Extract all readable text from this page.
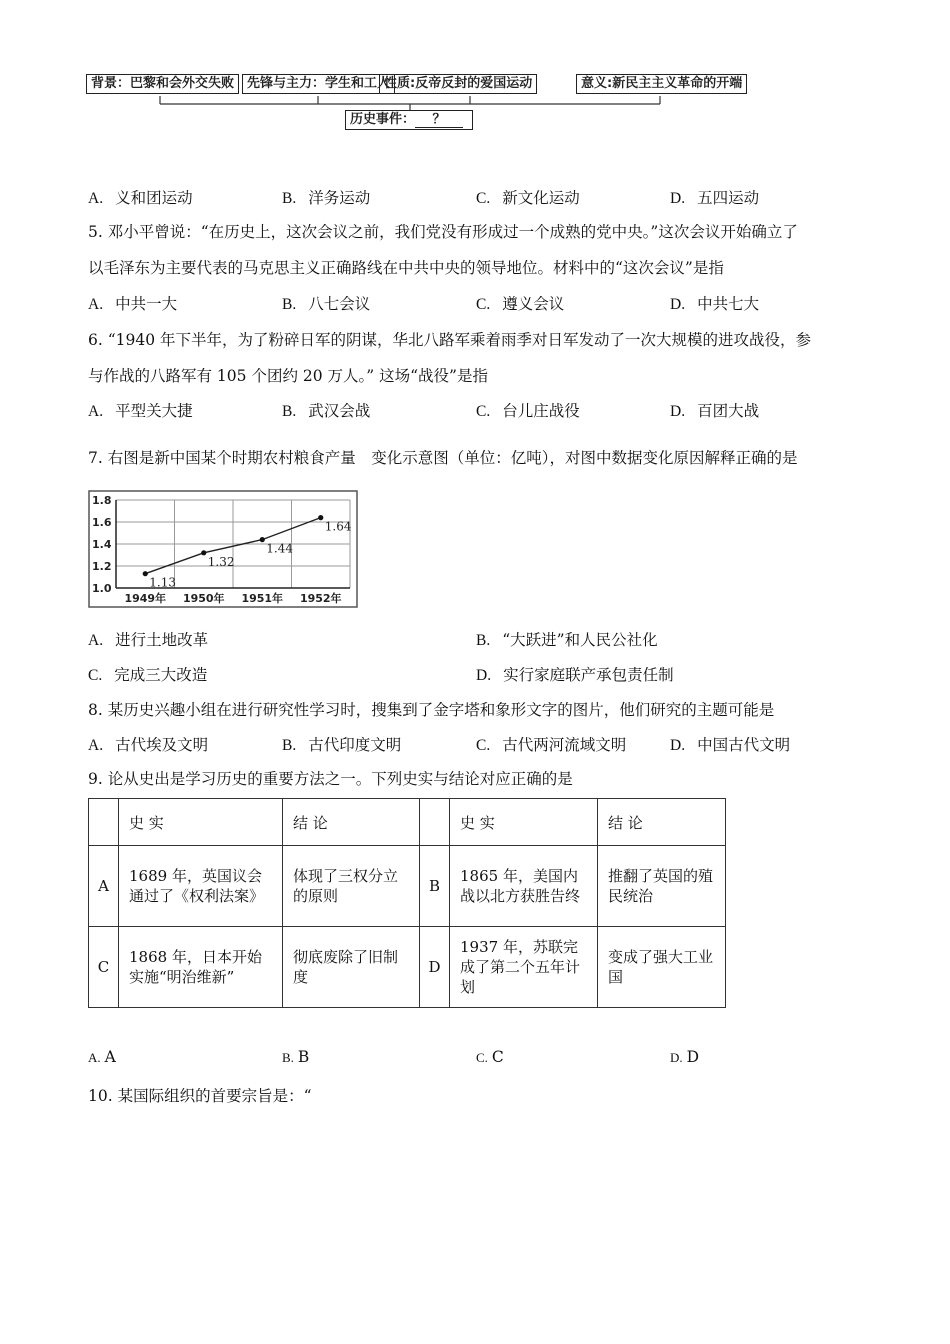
背景：巴黎和会外交失败 先锋与主力：学生和工人
性质:反帝反封的爱国运动	意义:新民主主义革命的开端
历史事件： ？
A. 义和团运动	B. 洋务运动	C. 新文化运动	D. 五四运动
5. 邓小平曾说：“在历史上，这次会议之前，我们党没有形成过一个成熟的党中央。”这次会议开始确立了
以毛泽东为主要代表的马克思主义正确路线在中共中央的领导地位。材料中的“这次会议”是指
A. 中共一大	B. 八七会议	C. 遵义会议	D. 中共七大
6. “1940 年下半年，为了粉碎日军的阴谋，华北八路军乘着雨季对日军发动了一次大规模的进攻战役，参
与作战的八路军有 105 个团约 20 万人。” 这场“战役”是指
A. 平型关大捷	B. 武汉会战	C. 台儿庄战役	D. 百团大战
7. 右图是新中国某个时期农村粮食产量　变化示意图（单位：亿吨），对图中数据变化原因解释正确的是
1.8
1.6
1.4
1.2
1.0
1949年 1950年 1951年 1952年
1.13
1.32
1.44
1.64
A. 进行土地改革	B. “大跃进”和人民公社化
C. 完成三大改造	D. 实行家庭联产承包责任制
8. 某历史兴趣小组在进行研究性学习时，搜集到了金字塔和象形文字的图片，他们研究的主题可能是
A. 古代埃及文明	B. 古代印度文明	C. 古代两河流域文明	D. 中国古代文明
9. 论从史出是学习历史的重要方法之一。下列史实与结论对应正确的是
	史 实	结 论		史 实	结 论
A	1689 年，英国议会通过了《权利法案》	体现了三权分立的原则	B	1865 年，美国内战以北方获胜告终	推翻了英国的殖民统治
C	1868 年，日本开始实施“明治维新”	彻底废除了旧制度	D	1937 年，苏联完成了第二个五年计划	变成了强大工业国
A. A	B. B	C. C	D. D
10. 某国际组织的首要宗旨是：“
